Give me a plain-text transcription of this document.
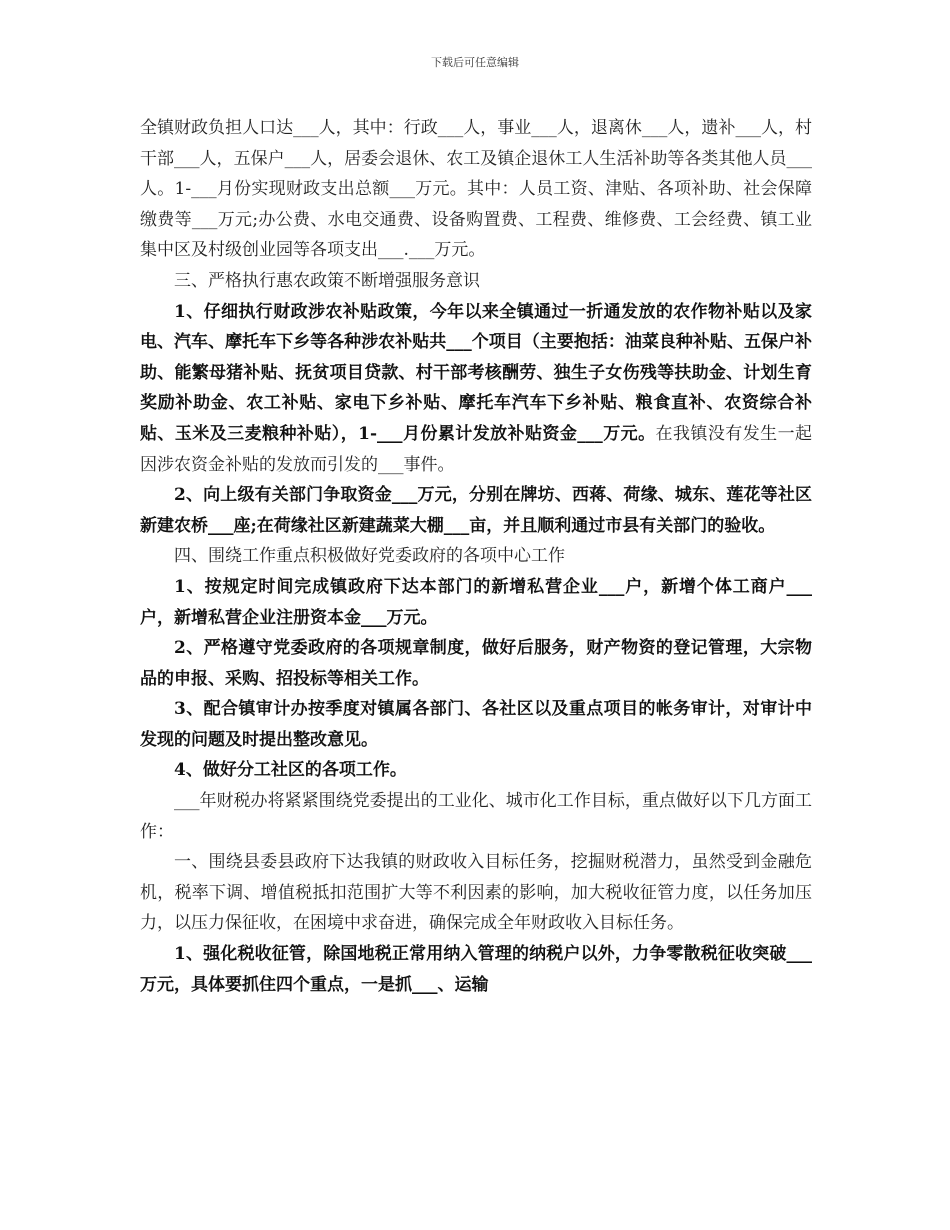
下载后可任意编辑

全镇财政负担人口达___人，其中：行政___人，事业___人，退离休___人，遗补___人，村干部___人，五保户___人，居委会退休、农工及镇企退休工人生活补助等各类其他人员___人。1-___月份实现财政支出总额___万元。其中：人员工资、津贴、各项补助、社会保障缴费等___万元;办公费、水电交通费、设备购置费、工程费、维修费、工会经费、镇工业集中区及村级创业园等各项支出___.___万元。

三、严格执行惠农政策不断增强服务意识

1、仔细执行财政涉农补贴政策，今年以来全镇通过一折通发放的农作物补贴以及家电、汽车、摩托车下乡等各种涉农补贴共___个项目（主要抱括：油菜良种补贴、五保户补助、能繁母猪补贴、抚贫项目贷款、村干部考核酬劳、独生子女伤残等扶助金、计划生育奖励补助金、农工补贴、家电下乡补贴、摩托车汽车下乡补贴、粮食直补、农资综合补贴、玉米及三麦粮种补贴），1-___月份累计发放补贴资金___万元。在我镇没有发生一起因涉农资金补贴的发放而引发的___事件。

2、向上级有关部门争取资金___万元，分别在牌坊、西蒋、荷缘、城东、莲花等社区新建农桥___座;在荷缘社区新建蔬菜大棚___亩，并且顺利通过市县有关部门的验收。

四、围绕工作重点积极做好党委政府的各项中心工作

1、按规定时间完成镇政府下达本部门的新增私营企业___户，新增个体工商户___户，新增私营企业注册资本金___万元。

2、严格遵守党委政府的各项规章制度，做好后服务，财产物资的登记管理，大宗物品的申报、采购、招投标等相关工作。

3、配合镇审计办按季度对镇属各部门、各社区以及重点项目的帐务审计，对审计中发现的问题及时提出整改意见。

4、做好分工社区的各项工作。

___年财税办将紧紧围绕党委提出的工业化、城市化工作目标，重点做好以下几方面工作：

一、围绕县委县政府下达我镇的财政收入目标任务，挖掘财税潜力，虽然受到金融危机，税率下调、增值税抵扣范围扩大等不利因素的影响，加大税收征管力度，以任务加压力，以压力保征收，在困境中求奋进，确保完成全年财政收入目标任务。

1、强化税收征管，除国地税正常用纳入管理的纳税户以外，力争零散税征收突破___万元，具体要抓住四个重点，一是抓___、运输
